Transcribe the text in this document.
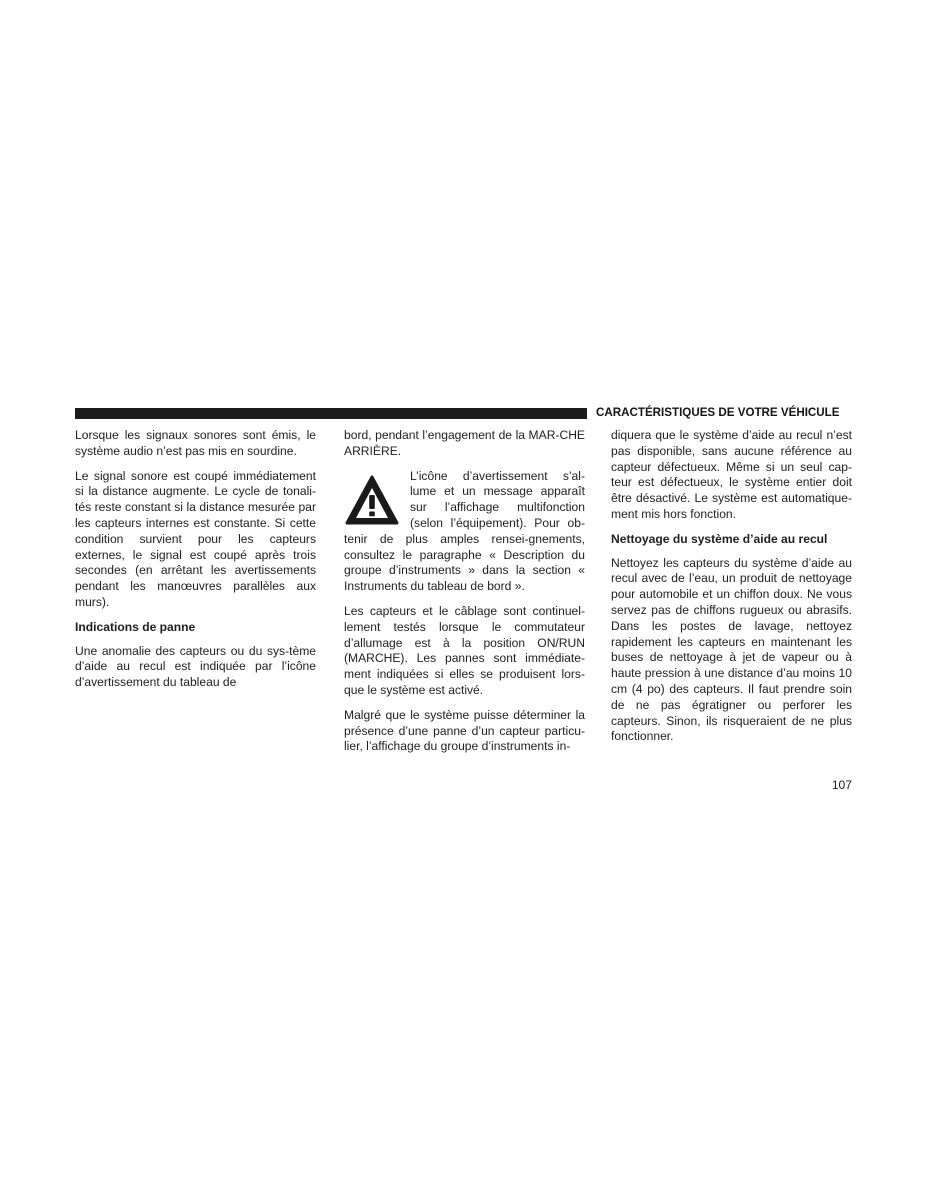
CARACTÉRISTIQUES DE VOTRE VÉHICULE

Lorsque les signaux sonores sont émis, le système audio n’est pas mis en sourdine.

Le signal sonore est coupé immédiatement si la distance augmente. Le cycle de tonali-tés reste constant si la distance mesurée par les capteurs internes est constante. Si cette condition survient pour les capteurs externes, le signal est coupé après trois secondes (en arrêtant les avertissements pendant les manœuvres parallèles aux murs).

Indications de panne

Une anomalie des capteurs ou du sys-tème d’aide au recul est indiquée par l’icône d’avertissement du tableau de

bord, pendant l’engagement de la MAR-CHE ARRIÈRE.

L’icône d’avertissement s’al-lume et un message apparaît sur l’affichage multifonction (selon l’équipement). Pour ob-tenir de plus amples rensei-gnements, consultez le paragraphe « Description du groupe d’instruments » dans la section « Instruments du tableau de bord ».

Les capteurs et le câblage sont continuel-lement testés lorsque le commutateur d’allumage est à la position ON/RUN (MARCHE). Les pannes sont immédiate-ment indiquées si elles se produisent lors-que le système est activé.

Malgré que le système puisse déterminer la présence d’une panne d’un capteur particu-lier, l’affichage du groupe d’instruments in-

diquera que le système d’aide au recul n’est pas disponible, sans aucune référence au capteur défectueux. Même si un seul cap-teur est défectueux, le système entier doit être désactivé. Le système est automatique-ment mis hors fonction.

Nettoyage du système d’aide au recul

Nettoyez les capteurs du système d’aide au recul avec de l’eau, un produit de nettoyage pour automobile et un chiffon doux. Ne vous servez pas de chiffons rugueux ou abrasifs. Dans les postes de lavage, nettoyez rapidement les capteurs en maintenant les buses de nettoyage à jet de vapeur ou à haute pression à une distance d’au moins 10 cm (4 po) des capteurs. Il faut prendre soin de ne pas égratigner ou perforer les capteurs. Sinon, ils risqueraient de ne plus fonctionner.

107
